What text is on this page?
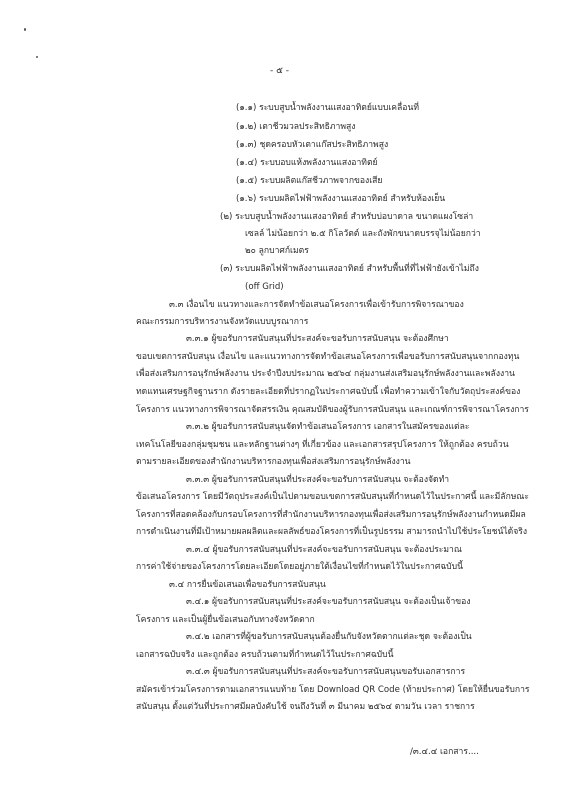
- ๕ -
(๑.๑) ระบบสูบน้ำพลังงานแสงอาทิตย์แบบเคลื่อนที่
(๑.๒) เตาชีวมวลประสิทธิภาพสูง
(๑.๓) ชุดครอบหัวเตาแก๊สประสิทธิภาพสูง
(๑.๔) ระบบอบแห้งพลังงานแสงอาทิตย์
(๑.๕) ระบบผลิตแก๊สชีวภาพจากของเสีย
(๑.๖) ระบบผลิตไฟฟ้าพลังงานแสงอาทิตย์ สำหรับห้องเย็น
(๒) ระบบสูบน้ำพลังงานแสงอาทิตย์ สำหรับบ่อบาดาล ขนาดแผงโซล่า
เซลล์ ไม่น้อยกว่า ๒.๕ กิโลวัตต์ และถังพักขนาดบรรจุไม่น้อยกว่า
๒๐ ลูกบาศก์เมตร
(๓) ระบบผลิตไฟฟ้าพลังงานแสงอาทิตย์ สำหรับพื้นที่ที่ไฟฟ้ายังเข้าไม่ถึง
(off Grid)
๓.๓ เงื่อนไข แนวทางและการจัดทำข้อเสนอโครงการเพื่อเข้ารับการพิจารณาของ
คณะกรรมการบริหารงานจังหวัดแบบบูรณาการ
๓.๓.๑ ผู้ขอรับการสนับสนุนที่ประสงค์จะขอรับการสนับสนุน จะต้องศึกษา
ขอบเขตการสนับสนุน เงื่อนไข และแนวทางการจัดทำข้อเสนอโครงการเพื่อขอรับการสนับสนุนจากกองทุน
เพื่อส่งเสริมการอนุรักษ์พลังงาน ประจำปีงบประมาณ ๒๕๖๔ กลุ่มงานส่งเสริมอนุรักษ์พลังงานและพลังงาน
ทดแทนเศรษฐกิจฐานราก ดังรายละเอียดที่ปรากฏในประกาศฉบับนี้ เพื่อทำความเข้าใจกับวัตถุประสงค์ของ
โครงการ แนวทางการพิจารณาจัดสรรเงิน คุณสมบัติของผู้รับการสนับสนุน และเกณฑ์การพิจารณาโครงการ
๓.๓.๒ ผู้ขอรับการสนับสนุนจัดทำข้อเสนอโครงการ เอกสารในสมัครของแต่ละ
เทคโนโลยีของกลุ่มชุมชน และหลักฐานต่างๆ ที่เกี่ยวข้อง และเอกสารสรุปโครงการ ให้ถูกต้อง ครบถ้วน
ตามรายละเอียดของสำนักงานบริหารกองทุนเพื่อส่งเสริมการอนุรักษ์พลังงาน
๓.๓.๓ ผู้ขอรับการสนับสนุนที่ประสงค์จะขอรับการสนับสนุน จะต้องจัดทำ
ข้อเสนอโครงการ โดยมีวัตถุประสงค์เป็นไปตามขอบเขตการสนับสนุนที่กำหนดไว้ในประกาศนี้ และมีลักษณะ
โครงการที่สอดคล้องกับกรอบโครงการที่สำนักงานบริหารกองทุนเพื่อส่งเสริมการอนุรักษ์พลังงานกำหนดมีผล
การดำเนินงานที่มีเป้าหมายผลผลิตและผลลัพธ์ของโครงการที่เป็นรูปธรรม สามารถนำไปใช้ประโยชน์ได้จริง
๓.๓.๔ ผู้ขอรับการสนับสนุนที่ประสงค์จะขอรับการสนับสนุน จะต้องประมาณ
การค่าใช้จ่ายของโครงการโดยละเอียดโดยอยู่ภายใต้เงื่อนไขที่กำหนดไว้ในประกาศฉบับนี้
๓.๔ การยื่นข้อเสนอเพื่อขอรับการสนับสนุน
๓.๔.๑ ผู้ขอรับการสนับสนุนที่ประสงค์จะขอรับการสนับสนุน จะต้องเป็นเจ้าของ
โครงการ และเป็นผู้ยื่นข้อเสนอกับทางจังหวัดตาก
๓.๔.๒ เอกสารที่ผู้ขอรับการสนับสนุนต้องยื่นกับจังหวัดตากแต่ละชุด จะต้องเป็น
เอกสารฉบับจริง และถูกต้อง ครบถ้วนตามที่กำหนดไว้ในประกาศฉบับนี้
๓.๔.๓ ผู้ขอรับการสนับสนุนที่ประสงค์จะขอรับการสนับสนุนขอรับเอกสารการ
สมัครเข้าร่วมโครงการตามเอกสารแนบท้าย โดย Download QR Code (ท้ายประกาศ) โดยให้ยื่นขอรับการ
สนับสนุน ตั้งแต่วันที่ประกาศมีผลบังคับใช้ จนถึงวันที่ ๓ มีนาคม ๒๕๖๔ ตามวัน เวลา ราชการ
/๓.๔.๔ เอกสาร....
